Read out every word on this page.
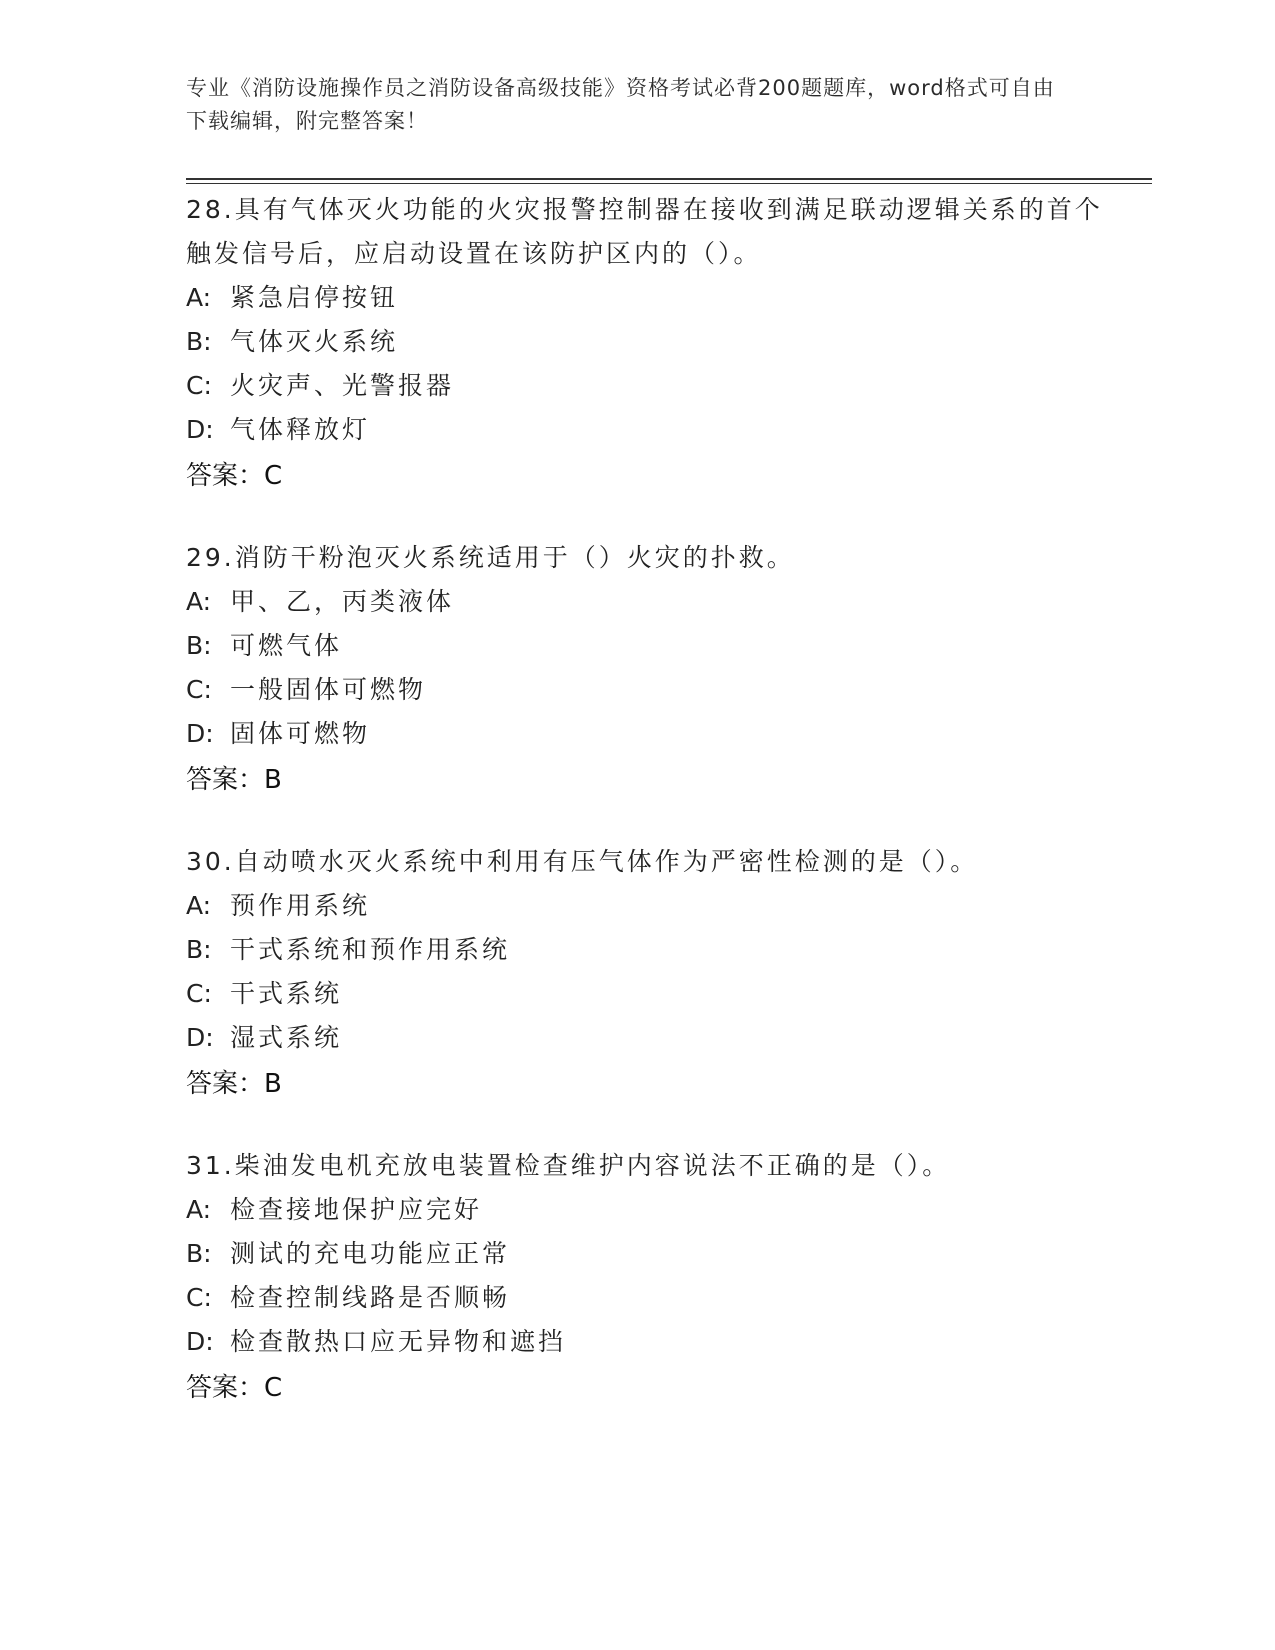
专业《消防设施操作员之消防设备高级技能》资格考试必背200题题库，word格式可自由下载编辑，附完整答案！
28.具有气体灭火功能的火灾报警控制器在接收到满足联动逻辑关系的首个触发信号后，应启动设置在该防护区内的（）。
A: 紧急启停按钮
B: 气体灭火系统
C: 火灾声、光警报器
D: 气体释放灯
答案：C
29.消防干粉泡灭火系统适用于（）火灾的扑救。
A: 甲、乙，丙类液体
B: 可燃气体
C: 一般固体可燃物
D: 固体可燃物
答案：B
30.自动喷水灭火系统中利用有压气体作为严密性检测的是（）。
A: 预作用系统
B: 干式系统和预作用系统
C: 干式系统
D: 湿式系统
答案：B
31.柴油发电机充放电装置检查维护内容说法不正确的是（）。
A: 检查接地保护应完好
B: 测试的充电功能应正常
C: 检查控制线路是否顺畅
D: 检查散热口应无异物和遮挡
答案：C
